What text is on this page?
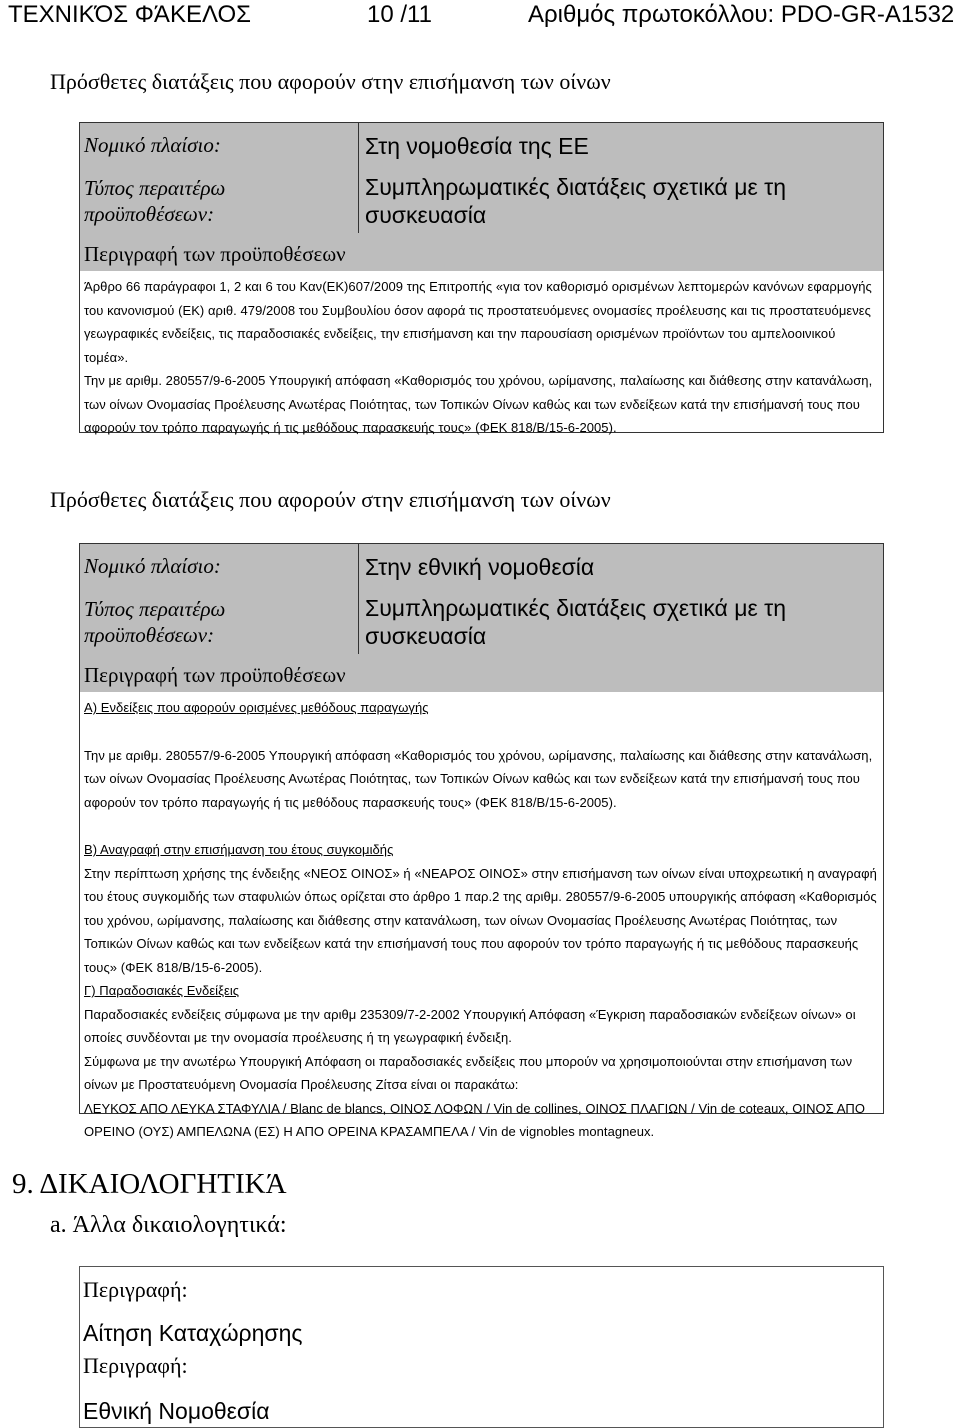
ΤΕΧΝΙΚΌΣ ΦΆΚΕΛΟΣ	10 /11	Αριθμός πρωτοκόλλου: PDO-GR-A1532
Πρόσθετες διατάξεις που αφορούν στην επισήμανση των οίνων
Νομικό πλαίσιο:	Στη νομοθεσία της ΕΕ
Τύπος περαιτέρω
προϋποθέσεων:
Συμπληρωματικές διατάξεις σχετικά με τη
συσκευασία
Περιγραφή των προϋποθέσεων

Άρθρο 66 παράγραφοι 1, 2 και 6 του Καν(ΕΚ)607/2009 της Επιτροπής «για τον καθορισμό ορισμένων λεπτομερών κανόνων εφαρμογής του κανονισμού (ΕΚ) αριθ. 479/2008 του Συμβουλίου όσον αφορά τις προστατευόμενες ονομασίες προέλευσης και τις προστατευόμενες γεωγραφικές ενδείξεις, τις παραδοσιακές ενδείξεις, την επισήμανση και την παρουσίαση ορισμένων προϊόντων του αμπελοοινικού τομέα».

Την με αριθμ. 280557/9-6-2005 Υπουργική απόφαση «Καθορισμός του χρόνου, ωρίμανσης, παλαίωσης και διάθεσης στην κατανάλωση, των οίνων Ονομασίας Προέλευσης Ανωτέρας Ποιότητας, των Τοπικών Οίνων καθώς και των ενδείξεων κατά την επισήμανσή τους που αφορούν τον τρόπο παραγωγής ή τις μεθόδους παρασκευής τους» (ΦΕΚ 818/Β/15-6-2005).

Πρόσθετες διατάξεις που αφορούν στην επισήμανση των οίνων
Νομικό πλαίσιο:	Στην εθνική νομοθεσία
Τύπος περαιτέρω
προϋποθέσεων:
Συμπληρωματικές διατάξεις σχετικά με τη
συσκευασία
Περιγραφή των προϋποθέσεων

Α) Ενδείξεις που αφορούν ορισμένες μεθόδους παραγωγής

Την με αριθμ. 280557/9-6-2005 Υπουργική απόφαση «Καθορισμός του χρόνου, ωρίμανσης, παλαίωσης και διάθεσης στην κατανάλωση, των οίνων Ονομασίας Προέλευσης Ανωτέρας Ποιότητας, των Τοπικών Οίνων καθώς και των ενδείξεων κατά την επισήμανσή τους που αφορούν τον τρόπο παραγωγής ή τις μεθόδους παρασκευής τους» (ΦΕΚ 818/Β/15-6-2005).

Β) Αναγραφή στην επισήμανση του έτους συγκομιδής

Στην περίπτωση χρήσης της ένδειξης «ΝΕΟΣ ΟΙΝΟΣ» ή «ΝΕΑΡΟΣ ΟΙΝΟΣ» στην επισήμανση των οίνων είναι υποχρεωτική η αναγραφή του έτους συγκομιδής των σταφυλιών όπως ορίζεται στο άρθρο 1 παρ.2 της αριθμ. 280557/9-6-2005 υπουργικής απόφαση «Καθορισμός του χρόνου, ωρίμανσης, παλαίωσης και διάθεσης στην κατανάλωση, των οίνων Ονομασίας Προέλευσης Ανωτέρας Ποιότητας, των Τοπικών Οίνων καθώς και των ενδείξεων κατά την επισήμανσή τους που αφορούν τον τρόπο παραγωγής ή τις μεθόδους παρασκευής τους» (ΦΕΚ 818/Β/15-6-2005).

Γ) Παραδοσιακές Ενδείξεις

Παραδοσιακές ενδείξεις σύμφωνα με την αριθμ 235309/7-2-2002 Υπουργική Απόφαση «Έγκριση παραδοσιακών ενδείξεων οίνων» οι οποίες συνδέονται με την ονομασία προέλευσης ή τη γεωγραφική ένδειξη.

Σύμφωνα με την ανωτέρω Υπουργική Απόφαση οι παραδοσιακές ενδείξεις που μπορούν να χρησιμοποιούνται στην επισήμανση των οίνων με Προστατευόμενη Ονομασία Προέλευσης Ζίτσα είναι οι παρακάτω:

ΛΕΥΚΟΣ ΑΠΟ ΛΕΥΚΑ ΣΤΑΦΥΛΙΑ / Blanc de blancs, ΟΙΝΟΣ ΛΟΦΩΝ / Vin de collines, ΟΙΝΟΣ ΠΛΑΓΙΩΝ / Vin de coteaux, ΟΙΝΟΣ ΑΠΟ ΟΡΕΙΝΟ (ΟΥΣ) ΑΜΠΕΛΩΝΑ (ΕΣ) Η ΑΠΟ ΟΡΕΙΝΑ ΚΡΑΣΑΜΠΕΛΑ / Vin de vignobles montagneux.

9. ΔΙΚΑΙΟΛΟΓΗΤΙΚΆ
a. Άλλα δικαιολογητικά:
Περιγραφή:
Αίτηση Καταχώρησης
Περιγραφή:
Εθνική Νομοθεσία
